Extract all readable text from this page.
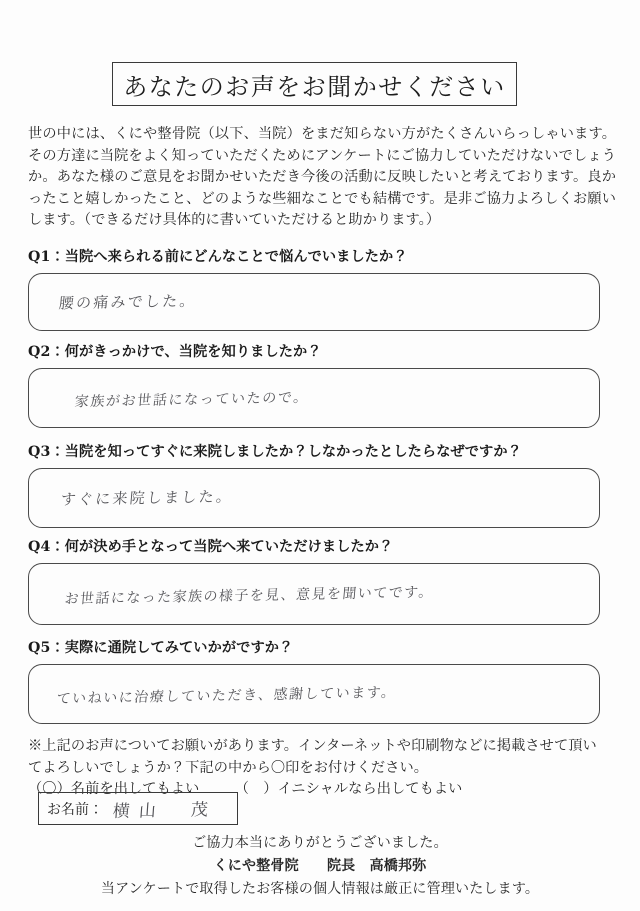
あなたのお声をお聞かせください

世の中には、くにや整骨院（以下、当院）をまだ知らない方がたくさんいらっしゃいます。その方達に当院をよく知っていただくためにアンケートにご協力していただけないでしょうか。あなた様のご意見をお聞かせいただき今後の活動に反映したいと考えております。良かったこと嬉しかったこと、どのような些細なことでも結構です。是非ご協力よろしくお願いします。（できるだけ具体的に書いていただけると助かります。）

Q1：当院へ来られる前にどんなことで悩んでいましたか？
腰の痛みでした。
Q2：何がきっかけで、当院を知りましたか？
家族がお世話になっていたので。
Q3：当院を知ってすぐに来院しましたか？しなかったとしたらなぜですか？
すぐに来院しました。
Q4：何が決め手となって当院へ来ていただけましたか？
お世話になった家族の様子を見、意見を聞いてです。
Q5：実際に通院してみていかがですか？
ていねいに治療していただき、感謝しています。

※上記のお声についてお願いがあります。インターネットや印刷物などに掲載させて頂い

てよろしいでしょうか？下記の中から〇印をお付けください。

（〇）名前を出してもよい （　）イニシャルなら出してもよい

お名前： 横山　茂
ご協力本当にありがとうございました。
くにや整骨院 院長　高橋邦弥
当アンケートで取得したお客様の個人情報は厳正に管理いたします。
